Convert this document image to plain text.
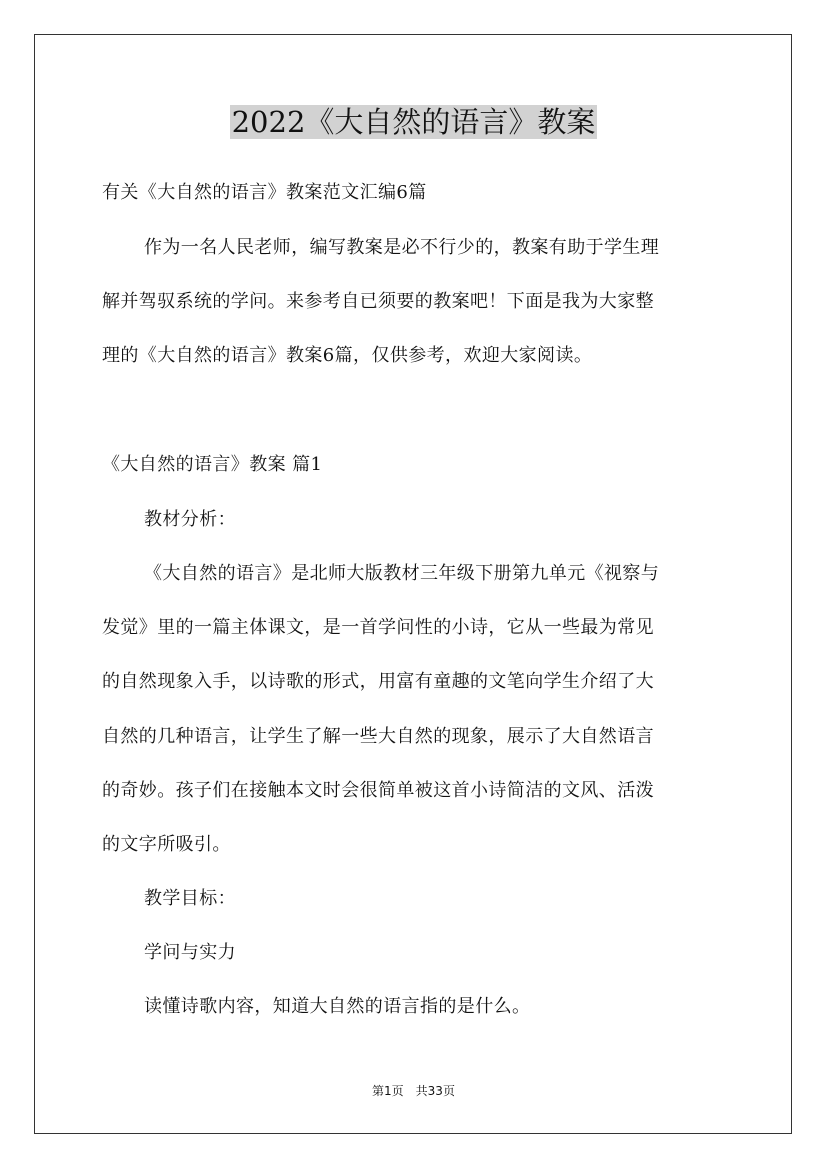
2022《大自然的语言》教案
有关《大自然的语言》教案范文汇编6篇
作为一名人民老师，编写教案是必不行少的，教案有助于学生理
解并驾驭系统的学问。来参考自已须要的教案吧！下面是我为大家整
理的《大自然的语言》教案6篇，仅供参考，欢迎大家阅读。
《大自然的语言》教案 篇1
教材分析：
《大自然的语言》是北师大版教材三年级下册第九单元《视察与
发觉》里的一篇主体课文，是一首学问性的小诗，它从一些最为常见
的自然现象入手，以诗歌的形式，用富有童趣的文笔向学生介绍了大
自然的几种语言，让学生了解一些大自然的现象，展示了大自然语言
的奇妙。孩子们在接触本文时会很简单被这首小诗简洁的文风、活泼
的文字所吸引。
教学目标：
学问与实力
读懂诗歌内容，知道大自然的语言指的是什么。
第1页 共33页
